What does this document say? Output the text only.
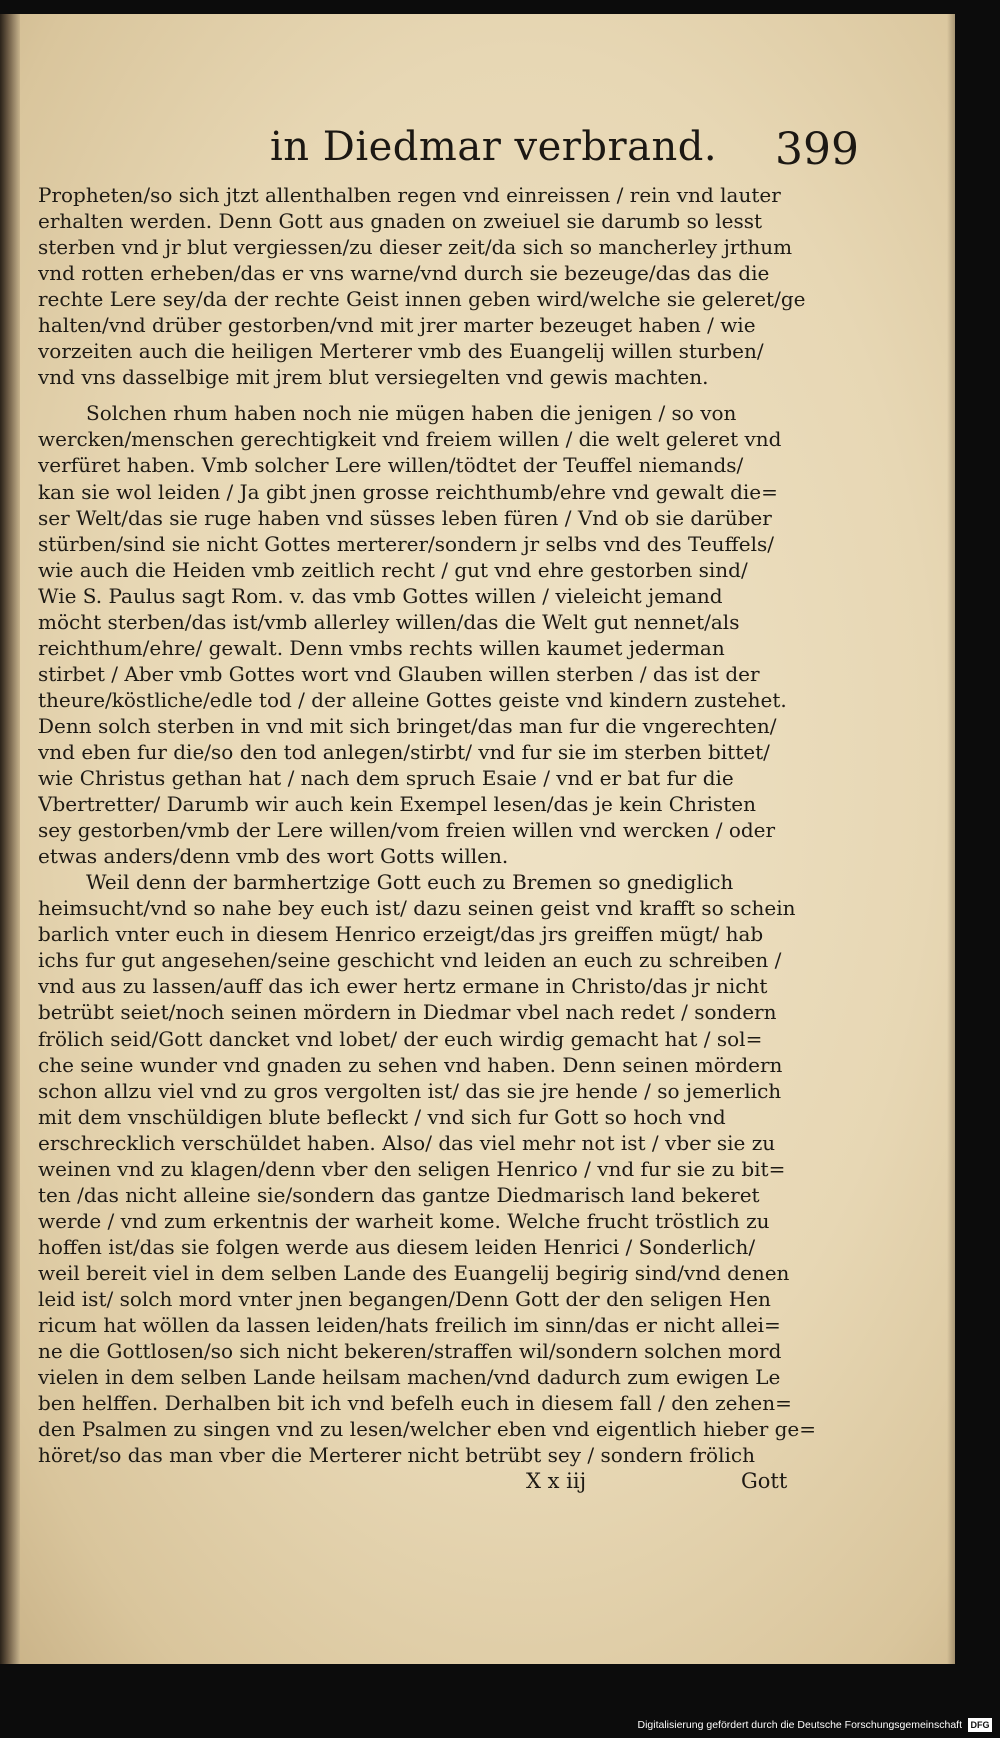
in Diedmar verbrand. 399
Propheten/so sich jtzt allenthalben regen vnd einreissen / rein vnd lauter
erhalten werden. Denn Gott aus gnaden on zweiuel sie darumb so lesst
sterben vnd jr blut vergiessen/zu dieser zeit/da sich so mancherley jrthum
vnd rotten erheben/das er vns warne/vnd durch sie bezeuge/das das die
rechte Lere sey/da der rechte Geist innen geben wird/welche sie geleret/ge
halten/vnd drüber gestorben/vnd mit jrer marter bezeuget haben / wie
vorzeiten auch die heiligen Merterer vmb des Euangelij willen sturben/
vnd vns dasselbige mit jrem blut versiegelten vnd gewis machten.
Solchen rhum haben noch nie mügen haben die jenigen / so von
wercken/menschen gerechtigkeit vnd freiem willen / die welt geleret vnd
verfüret haben. Vmb solcher Lere willen/tödtet der Teuffel niemands/
kan sie wol leiden / Ja gibt jnen grosse reichthumb/ehre vnd gewalt die=
ser Welt/das sie ruge haben vnd süsses leben füren / Vnd ob sie darüber
stürben/sind sie nicht Gottes merterer/sondern jr selbs vnd des Teuffels/
wie auch die Heiden vmb zeitlich recht / gut vnd ehre gestorben sind/
Wie S. Paulus sagt Rom. v. das vmb Gottes willen / vieleicht jemand
möcht sterben/das ist/vmb allerley willen/das die Welt gut nennet/als
reichthum/ehre/ gewalt. Denn vmbs rechts willen kaumet jederman
stirbet / Aber vmb Gottes wort vnd Glauben willen sterben / das ist der
theure/köstliche/edle tod / der alleine Gottes geiste vnd kindern zustehet.
Denn solch sterben in vnd mit sich bringet/das man fur die vngerechten/
vnd eben fur die/so den tod anlegen/stirbt/ vnd fur sie im sterben bittet/
wie Christus gethan hat / nach dem spruch Esaie / vnd er bat fur die
Vbertretter/ Darumb wir auch kein Exempel lesen/das je kein Christen
sey gestorben/vmb der Lere willen/vom freien willen vnd wercken / oder
etwas anders/denn vmb des wort Gotts willen.
Weil denn der barmhertzige Gott euch zu Bremen so gnediglich
heimsucht/vnd so nahe bey euch ist/ dazu seinen geist vnd krafft so schein
barlich vnter euch in diesem Henrico erzeigt/das jrs greiffen mügt/ hab
ichs fur gut angesehen/seine geschicht vnd leiden an euch zu schreiben /
vnd aus zu lassen/auff das ich ewer hertz ermane in Christo/das jr nicht
betrübt seiet/noch seinen mördern in Diedmar vbel nach redet / sondern
frölich seid/Gott dancket vnd lobet/ der euch wirdig gemacht hat / sol=
che seine wunder vnd gnaden zu sehen vnd haben. Denn seinen mördern
schon allzu viel vnd zu gros vergolten ist/ das sie jre hende / so jemerlich
mit dem vnschüldigen blute befleckt / vnd sich fur Gott so hoch vnd
erschrecklich verschüldet haben. Also/ das viel mehr not ist / vber sie zu
weinen vnd zu klagen/denn vber den seligen Henrico / vnd fur sie zu bit=
ten /das nicht alleine sie/sondern das gantze Diedmarisch land bekeret
werde / vnd zum erkentnis der warheit kome. Welche frucht tröstlich zu
hoffen ist/das sie folgen werde aus diesem leiden Henrici / Sonderlich/
weil bereit viel in dem selben Lande des Euangelij begirig sind/vnd denen
leid ist/ solch mord vnter jnen begangen/Denn Gott der den seligen Hen
ricum hat wöllen da lassen leiden/hats freilich im sinn/das er nicht allei=
ne die Gottlosen/so sich nicht bekeren/straffen wil/sondern solchen mord
vielen in dem selben Lande heilsam machen/vnd dadurch zum ewigen Le
ben helffen. Derhalben bit ich vnd befelh euch in diesem fall / den zehen=
den Psalmen zu singen vnd zu lesen/welcher eben vnd eigentlich hieber ge=
höret/so das man vber die Merterer nicht betrübt sey / sondern frölich
X x iij	Gott
Digitalisierung gefördert durch die Deutsche Forschungsgemeinschaft DFG
